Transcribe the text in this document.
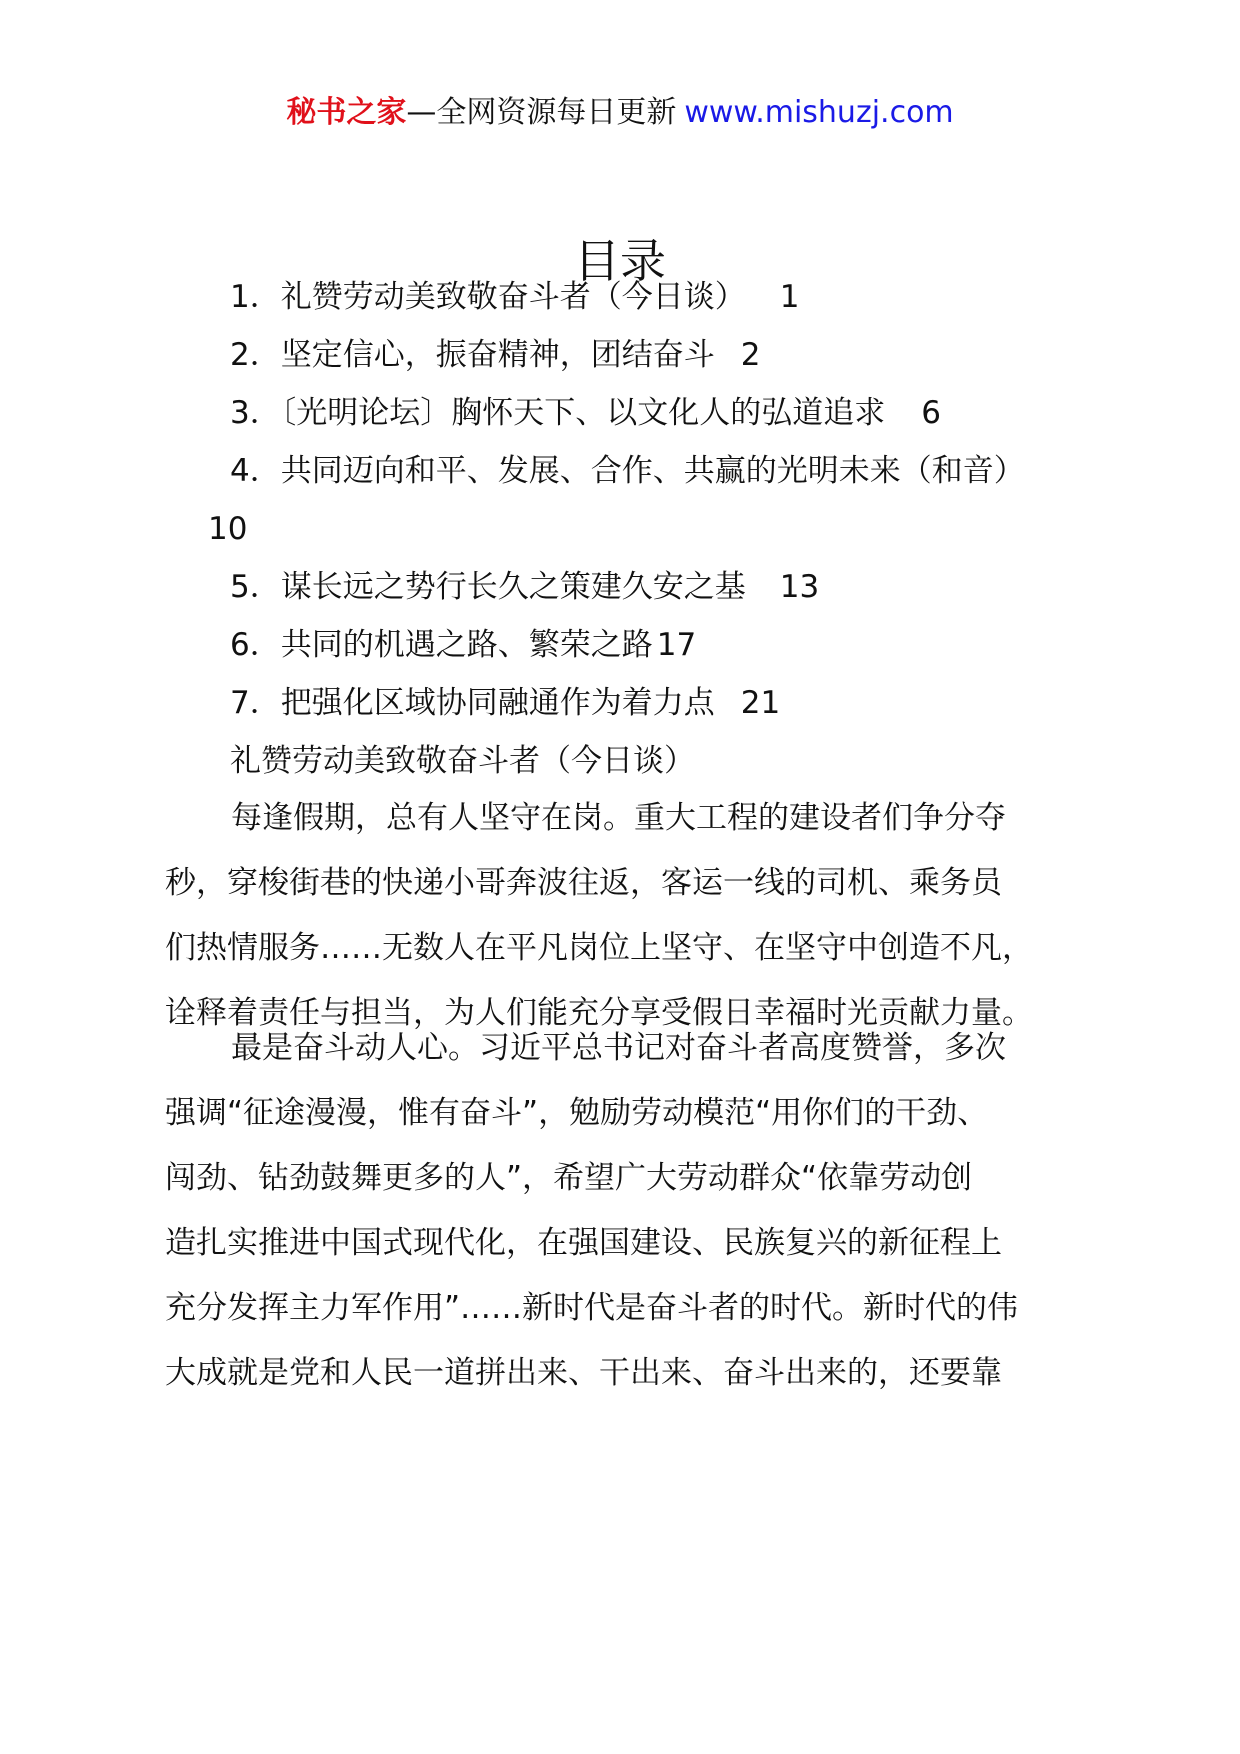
秘书之家—全网资源每日更新 www.mishuzj.com
目录
1．礼赞劳动美致敬奋斗者（今日谈） 1
2．坚定信心，振奋精神，团结奋斗 2
3．〔光明论坛〕胸怀天下、以文化人的弘道追求 6
4．共同迈向和平、发展、合作、共赢的光明未来（和音）
10
5．谋长远之势行长久之策建久安之基 13
6．共同的机遇之路、繁荣之路 17
7．把强化区域协同融通作为着力点 21
礼赞劳动美致敬奋斗者（今日谈）
每逢假期，总有人坚守在岗。重大工程的建设者们争分夺
秒，穿梭街巷的快递小哥奔波往返，客运一线的司机、乘务员
们热情服务……无数人在平凡岗位上坚守、在坚守中创造不凡，
诠释着责任与担当，为人们能充分享受假日幸福时光贡献力量。
最是奋斗动人心。习近平总书记对奋斗者高度赞誉，多次
强调“征途漫漫，惟有奋斗”，勉励劳动模范“用你们的干劲、
闯劲、钻劲鼓舞更多的人”，希望广大劳动群众“依靠劳动创
造扎实推进中国式现代化，在强国建设、民族复兴的新征程上
充分发挥主力军作用”……新时代是奋斗者的时代。新时代的伟
大成就是党和人民一道拼出来、干出来、奋斗出来的，还要靠
